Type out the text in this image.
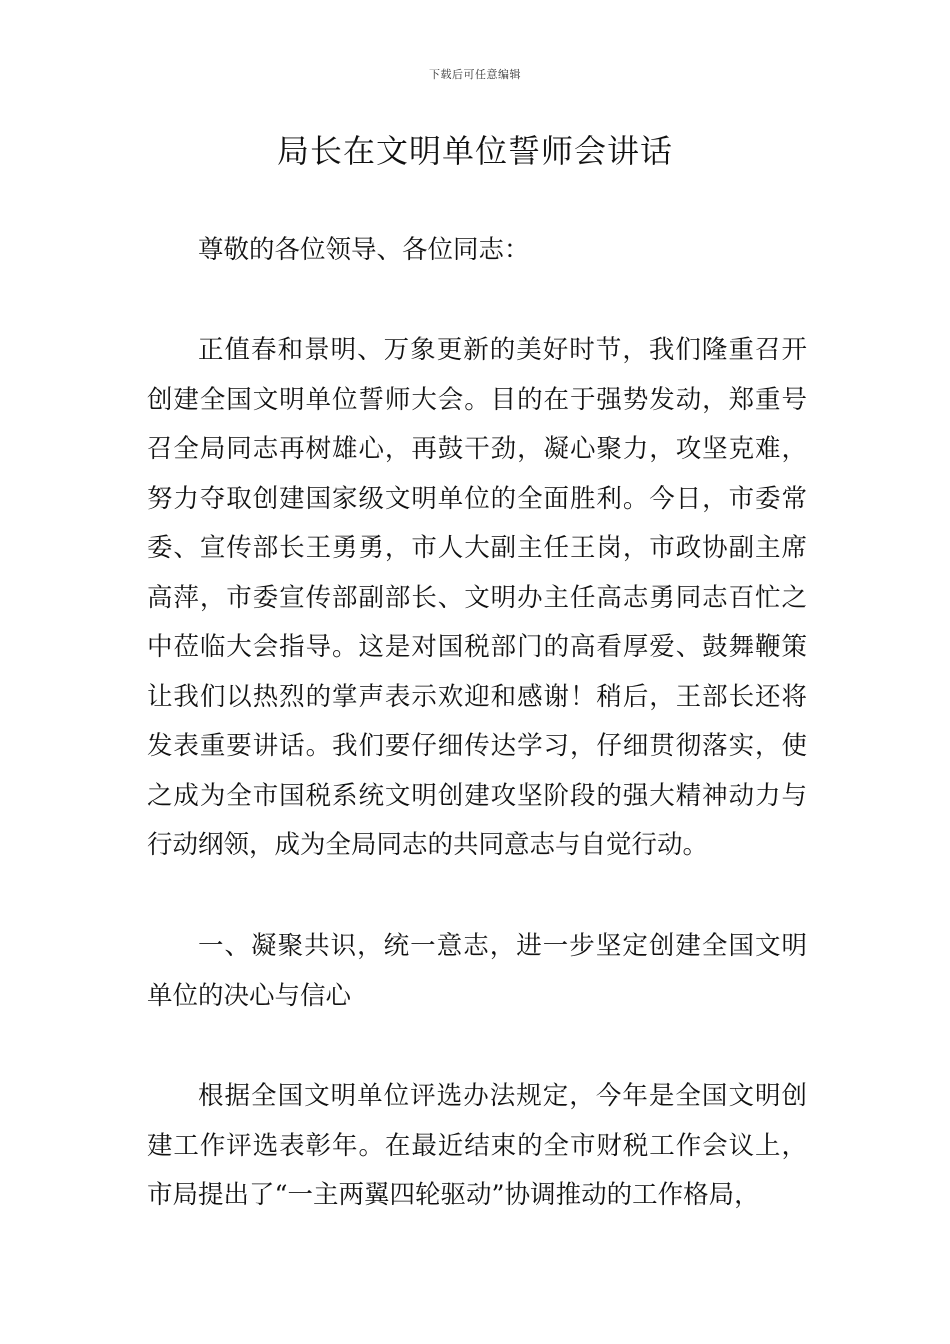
下载后可任意编辑
局长在文明单位誓师会讲话

尊敬的各位领导、各位同志：

正值春和景明、万象更新的美好时节，我们隆重召开创建全国文明单位誓师大会。目的在于强势发动，郑重号召全局同志再树雄心，再鼓干劲，凝心聚力，攻坚克难，努力夺取创建国家级文明单位的全面胜利。今日，市委常委、宣传部长王勇勇，市人大副主任王岗，市政协副主席高萍，市委宣传部副部长、文明办主任高志勇同志百忙之中莅临大会指导。这是对国税部门的高看厚爱、鼓舞鞭策让我们以热烈的掌声表示欢迎和感谢！稍后，王部长还将发表重要讲话。我们要仔细传达学习，仔细贯彻落实，使之成为全市国税系统文明创建攻坚阶段的强大精神动力与行动纲领，成为全局同志的共同意志与自觉行动。

一、凝聚共识，统一意志，进一步坚定创建全国文明单位的决心与信心

根据全国文明单位评选办法规定，今年是全国文明创建工作评选表彰年。在最近结束的全市财税工作会议上，市局提出了“一主两翼四轮驱动”协调推动的工作格局，
